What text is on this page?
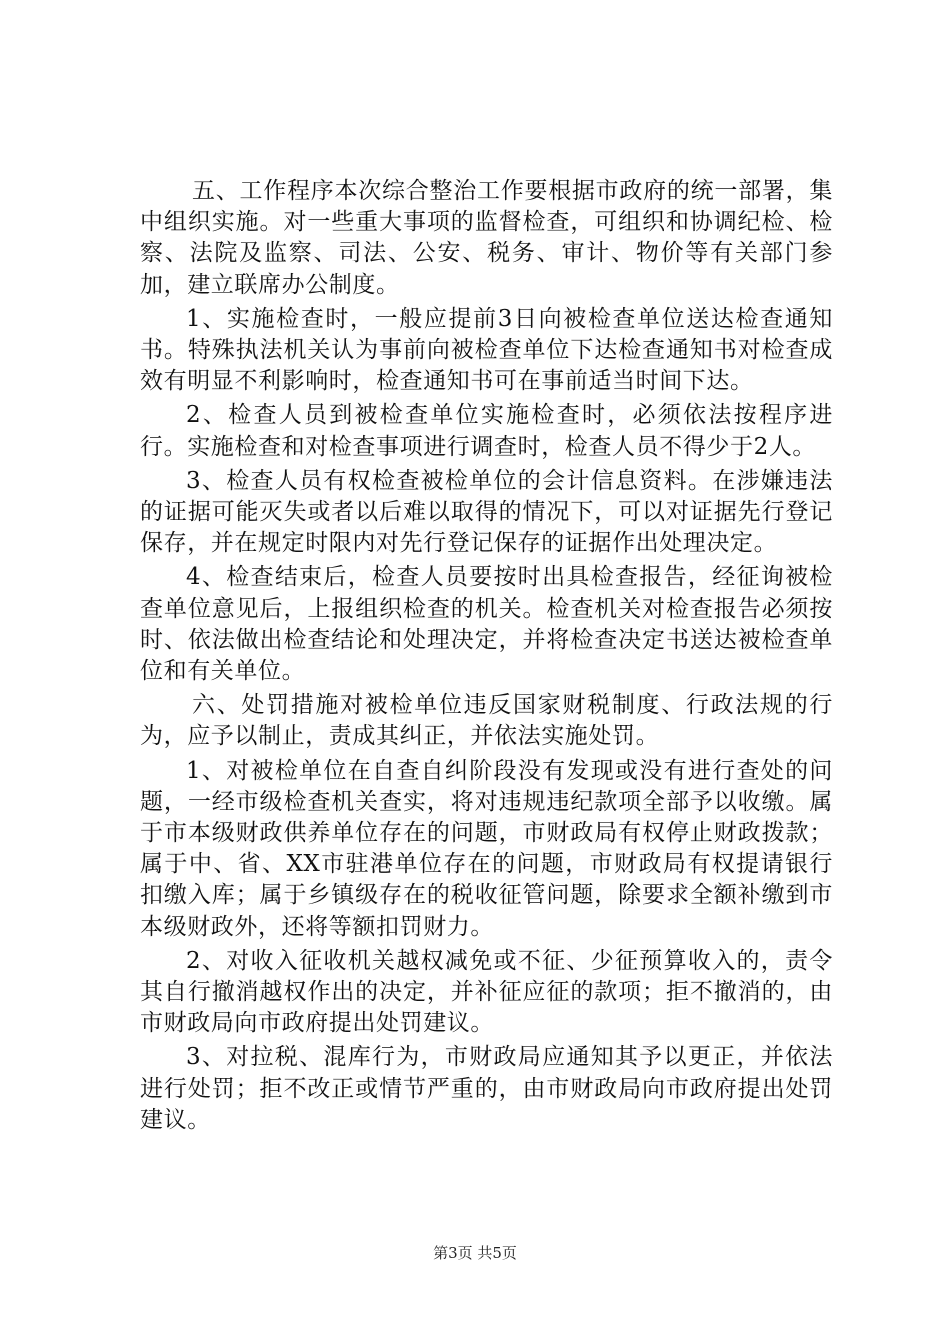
五、工作程序本次综合整治工作要根据市政府的统一部署，集中组织实施。对一些重大事项的监督检查，可组织和协调纪检、检察、法院及监察、司法、公安、税务、审计、物价等有关部门参加，建立联席办公制度。

1、实施检查时，一般应提前3日向被检查单位送达检查通知书。特殊执法机关认为事前向被检查单位下达检查通知书对检查成效有明显不利影响时，检查通知书可在事前适当时间下达。

2、检查人员到被检查单位实施检查时，必须依法按程序进行。实施检查和对检查事项进行调查时，检查人员不得少于2人。

3、检查人员有权检查被检单位的会计信息资料。在涉嫌违法的证据可能灭失或者以后难以取得的情况下，可以对证据先行登记保存，并在规定时限内对先行登记保存的证据作出处理决定。

4、检查结束后，检查人员要按时出具检查报告，经征询被检查单位意见后，上报组织检查的机关。检查机关对检查报告必须按时、依法做出检查结论和处理决定，并将检查决定书送达被检查单位和有关单位。

六、处罚措施对被检单位违反国家财税制度、行政法规的行为，应予以制止，责成其纠正，并依法实施处罚。

1、对被检单位在自查自纠阶段没有发现或没有进行查处的问题，一经市级检查机关查实，将对违规违纪款项全部予以收缴。属于市本级财政供养单位存在的问题，市财政局有权停止财政拨款；属于中、省、XX市驻港单位存在的问题，市财政局有权提请银行扣缴入库；属于乡镇级存在的税收征管问题，除要求全额补缴到市本级财政外，还将等额扣罚财力。

2、对收入征收机关越权减免或不征、少征预算收入的，责令其自行撤消越权作出的决定，并补征应征的款项；拒不撤消的，由市财政局向市政府提出处罚建议。

3、对拉税、混库行为，市财政局应通知其予以更正，并依法进行处罚；拒不改正或情节严重的，由市财政局向市政府提出处罚建议。

第3页 共5页
